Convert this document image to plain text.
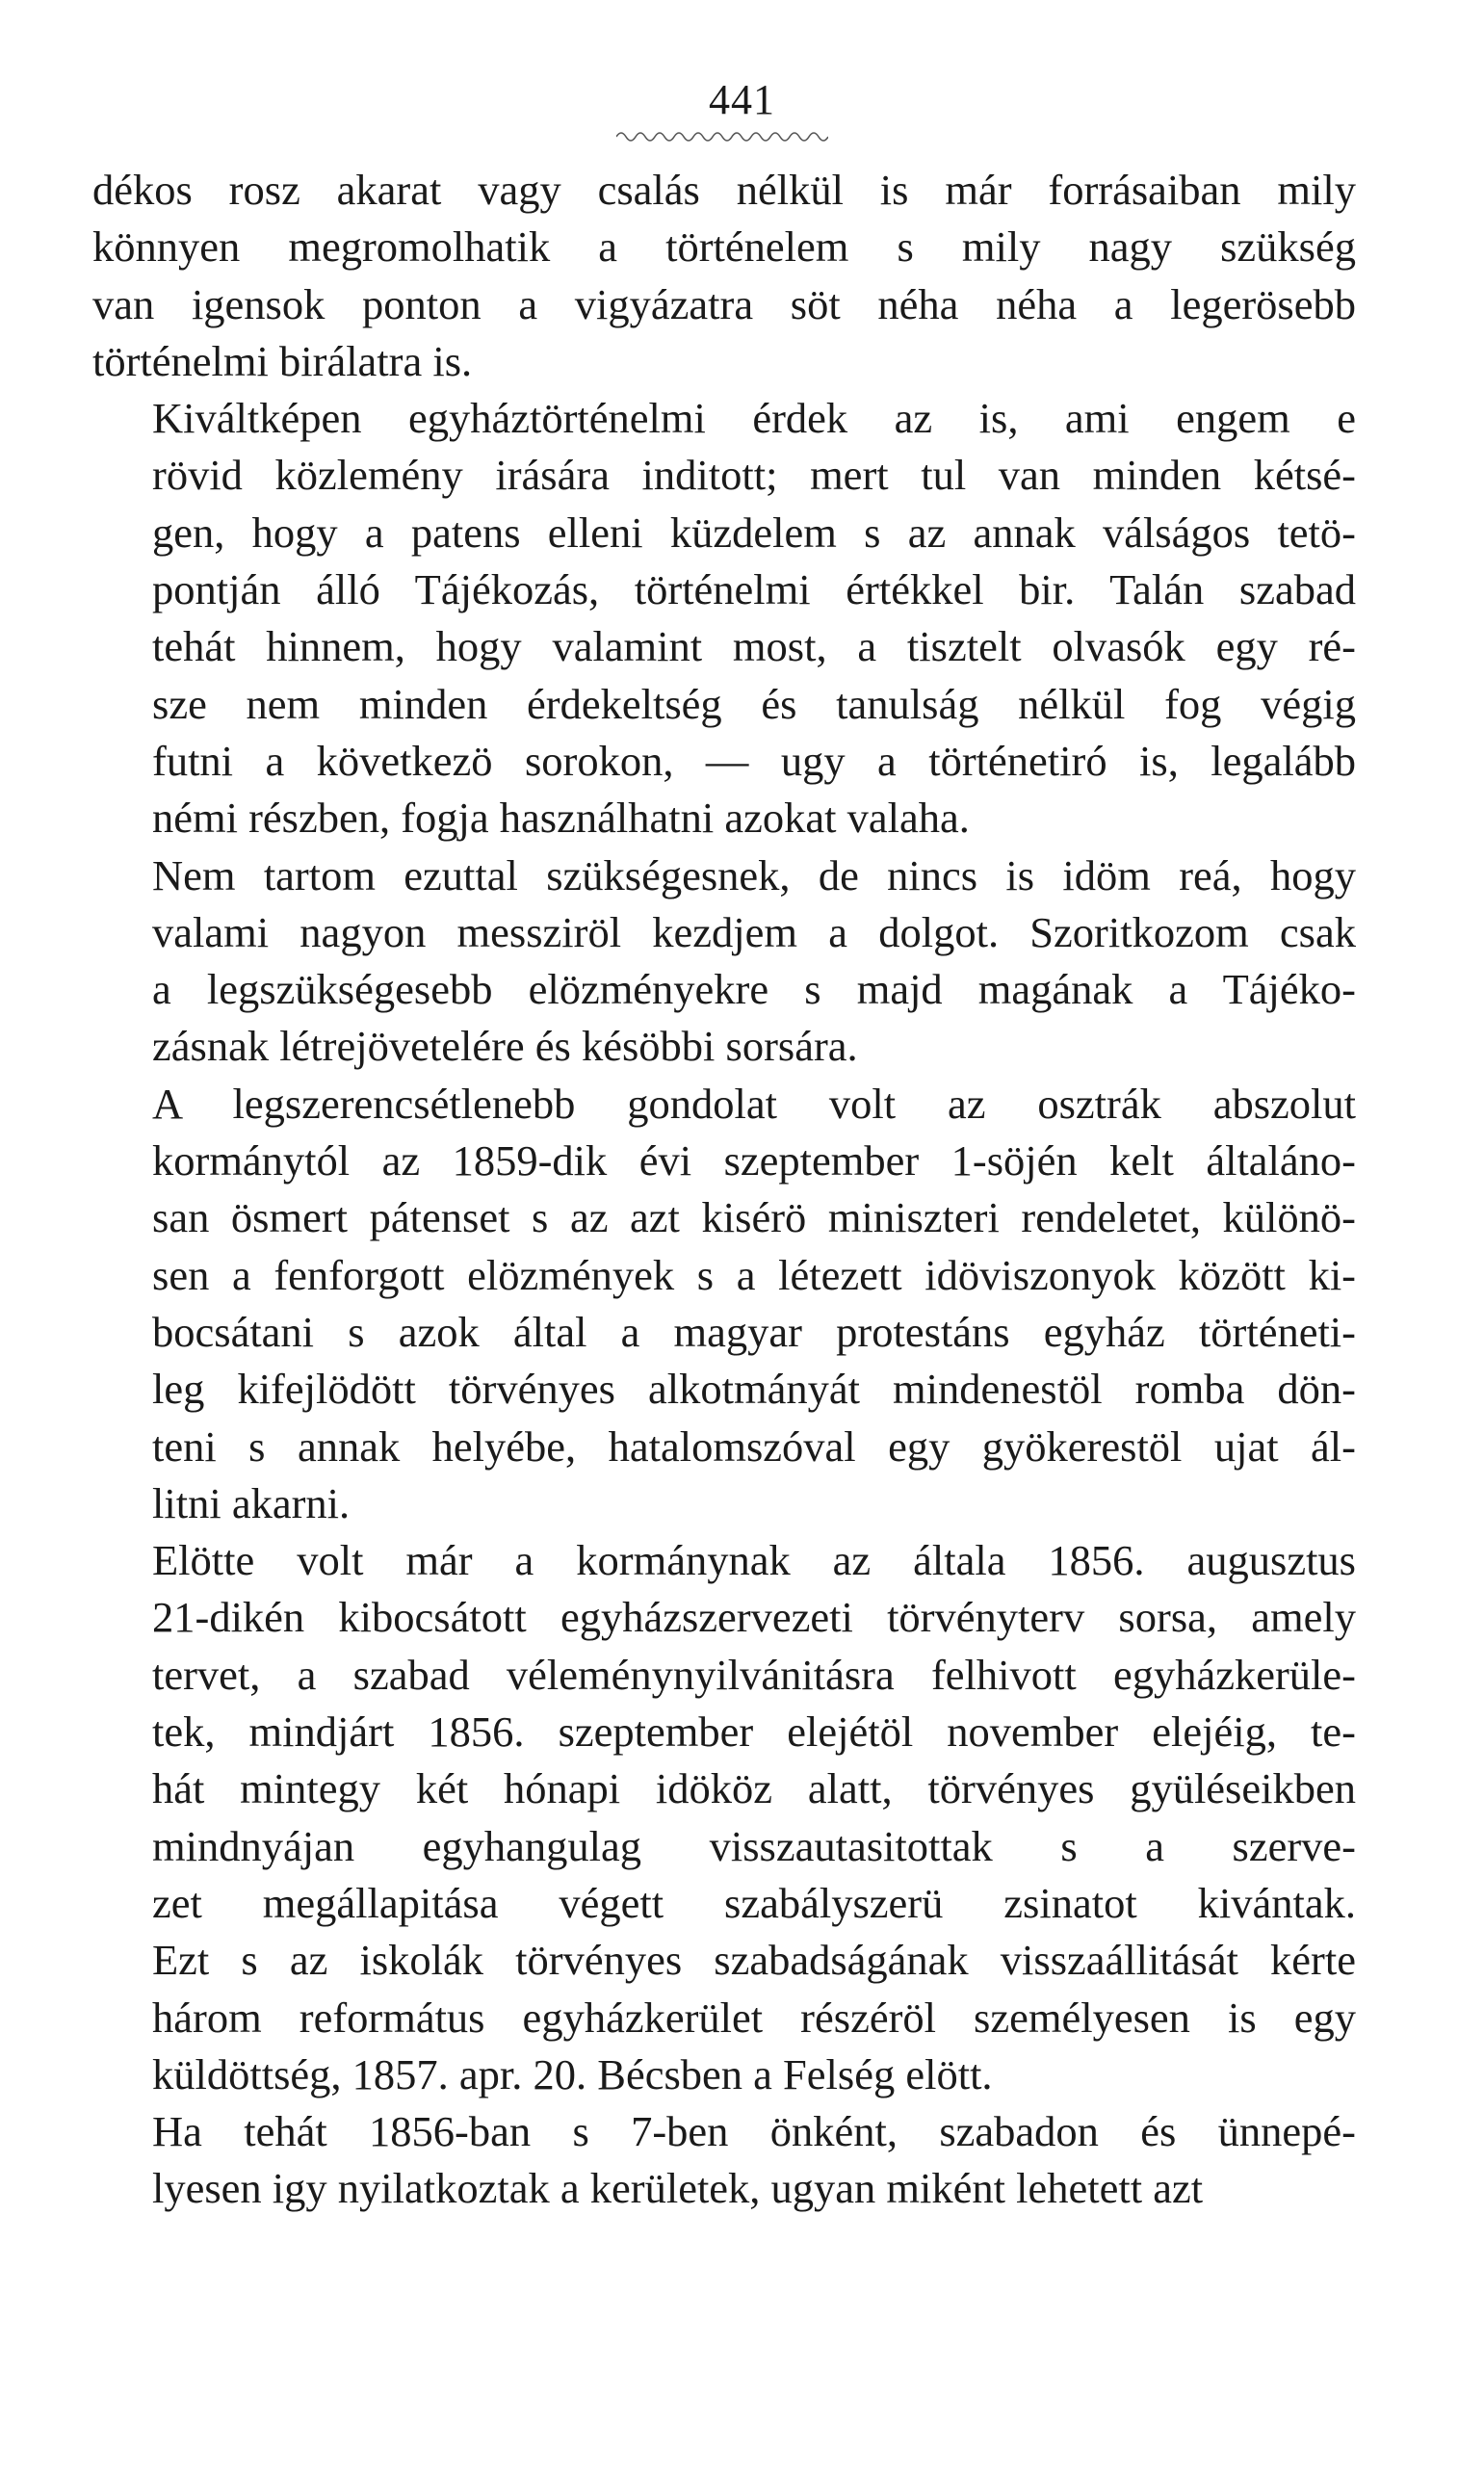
441
dékos rosz akarat vagy csalás nélkül is már forrásaiban mily
könnyen megromolhatik a történelem s mily nagy szükség
van igensok ponton a vigyázatra söt néha néha a legerösebb
történelmi birálatra is.
Kiváltképen egyháztörténelmi érdek az is, ami engem e
rövid közlemény irására inditott; mert tul van minden kétsé-
gen, hogy a patens elleni küzdelem s az annak válságos tetö-
pontján álló Tájékozás, történelmi értékkel bir. Talán szabad
tehát hinnem, hogy valamint most, a tisztelt olvasók egy ré-
sze nem minden érdekeltség és tanulság nélkül fog végig
futni a következö sorokon, — ugy a történetiró is, legalább
némi részben, fogja használhatni azokat valaha.
Nem tartom ezuttal szükségesnek, de nincs is idöm reá, hogy
valami nagyon messziröl kezdjem a dolgot. Szoritkozom csak
a legszükségesebb elözményekre s majd magának a Tájéko-
zásnak létrejövetelére és késöbbi sorsára.
A legszerencsétlenebb gondolat volt az osztrák abszolut
kormánytól az 1859-dik évi szeptember 1-söjén kelt általáno-
san ösmert pátenset s az azt kisérö miniszteri rendeletet, különö-
sen a fenforgott elözmények s a létezett idöviszonyok között ki-
bocsátani s azok által a magyar protestáns egyház történeti-
leg kifejlödött törvényes alkotmányát mindenestöl romba dön-
teni s annak helyébe, hatalomszóval egy gyökerestöl ujat ál-
litni akarni.
Elötte volt már a kormánynak az általa 1856. augusztus
21-dikén kibocsátott egyházszervezeti törvényterv sorsa, amely
tervet, a szabad véleménynyilvánitásra felhivott egyházkerüle-
tek, mindjárt 1856. szeptember elejétöl november elejéig, te-
hát mintegy két hónapi idököz alatt, törvényes gyüléseikben
mindnyájan egyhangulag visszautasitottak s a szerve-
zet megállapitása végett szabályszerü zsinatot kivántak.
Ezt s az iskolák törvényes szabadságának visszaállitását kérte
három református egyházkerület részéröl személyesen is egy
küldöttség, 1857. apr. 20. Bécsben a Felség elött.
Ha tehát 1856-ban s 7-ben önként, szabadon és ünnepé-
lyesen igy nyilatkoztak a kerületek, ugyan miként lehetett azt
